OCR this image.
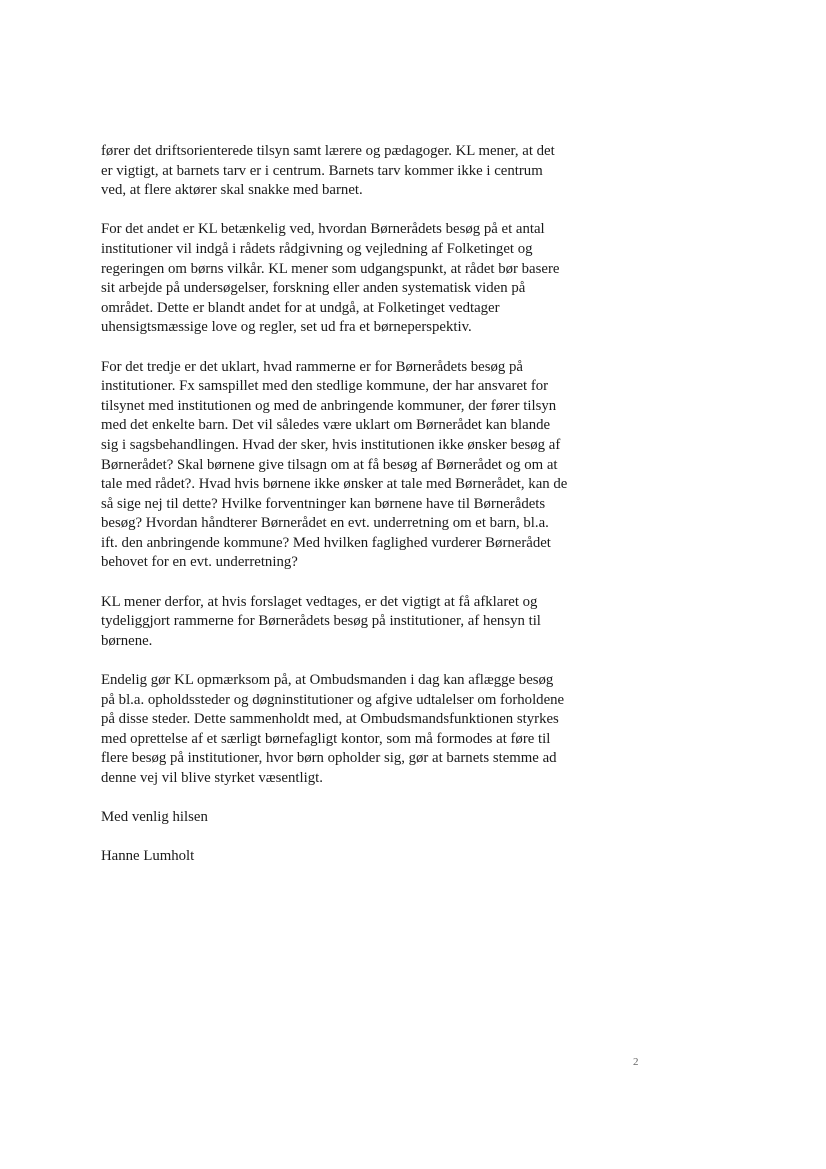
fører det driftsorienterede tilsyn samt lærere og pædagoger. KL mener, at det
er vigtigt, at barnets tarv er i centrum. Barnets tarv kommer ikke i centrum
ved, at flere aktører skal snakke med barnet.
For det andet er KL betænkelig ved, hvordan Børnerådets besøg på et antal
institutioner vil indgå i rådets rådgivning og vejledning af Folketinget og
regeringen om børns vilkår. KL mener som udgangspunkt, at rådet bør basere
sit arbejde på undersøgelser, forskning eller anden systematisk viden på
området. Dette er blandt andet for at undgå, at Folketinget vedtager
uhensigtsmæssige love og regler, set ud fra et børneperspektiv.
For det tredje er det uklart, hvad rammerne er for Børnerådets besøg på
institutioner. Fx samspillet med den stedlige kommune, der har ansvaret for
tilsynet med institutionen og med de anbringende kommuner, der fører tilsyn
med det enkelte barn. Det vil således være uklart om Børnerådet kan blande
sig i sagsbehandlingen. Hvad der sker, hvis institutionen ikke ønsker besøg af
Børnerådet? Skal børnene give tilsagn om at få besøg af Børnerådet og om at
tale med rådet?. Hvad hvis børnene ikke ønsker at tale med Børnerådet, kan de
så sige nej til dette? Hvilke forventninger kan børnene have til Børnerådets
besøg? Hvordan håndterer Børnerådet en evt. underretning om et barn, bl.a.
ift. den anbringende kommune? Med hvilken faglighed vurderer Børnerådet
behovet for en evt. underretning?
KL mener derfor, at hvis forslaget vedtages, er det vigtigt at få afklaret og
tydeliggjort rammerne for Børnerådets besøg på institutioner, af hensyn til
børnene.
Endelig gør KL opmærksom på, at Ombudsmanden i dag kan aflægge besøg
på bl.a. opholdssteder og døgninstitutioner og afgive udtalelser om forholdene
på disse steder. Dette sammenholdt med, at Ombudsmandsfunktionen styrkes
med oprettelse af et særligt børnefagligt kontor, som må formodes at føre til
flere besøg på institutioner, hvor børn opholder sig, gør at barnets stemme ad
denne vej vil blive styrket væsentligt.
Med venlig hilsen
Hanne Lumholt
2
